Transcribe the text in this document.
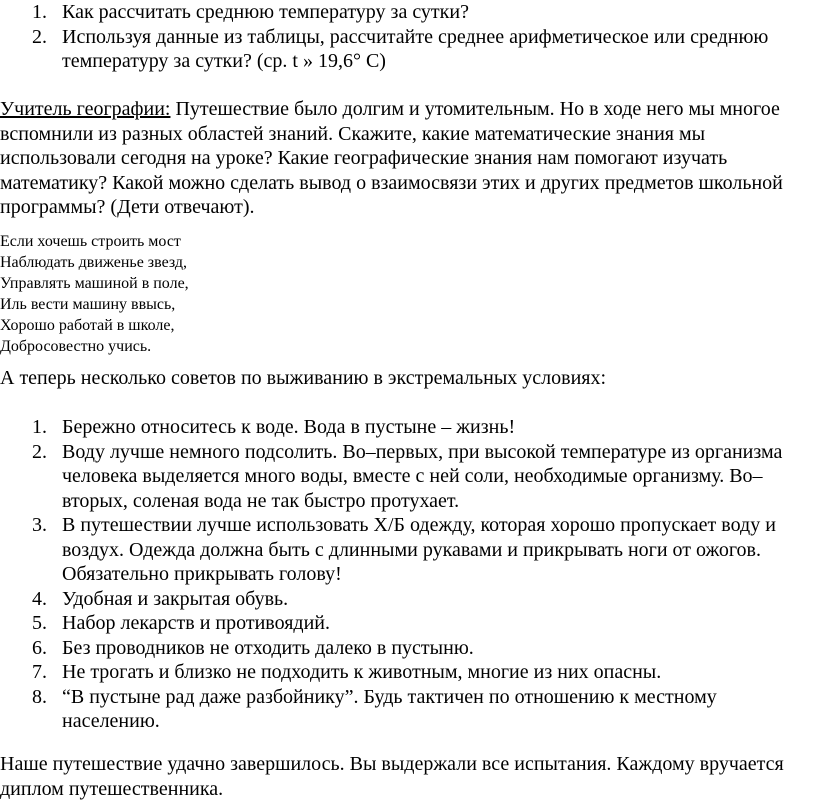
1. Как рассчитать среднюю температуру за сутки?
2. Используя данные из таблицы, рассчитайте среднее арифметическое или среднюю температуру за сутки? (ср. t » 19,6° С)

Учитель географии: Путешествие было долгим и утомительным. Но в ходе него мы многое вспомнили из разных областей знаний. Скажите, какие математические знания мы использовали сегодня на уроке? Какие географические знания нам помогают изучать математику? Какой можно сделать вывод о взаимосвязи этих и других предметов школьной программы? (Дети отвечают).

Если хочешь строить мост
Наблюдать движенье звезд,
Управлять машиной в поле,
Иль вести машину ввысь,
Хорошо работай в школе,
Добросовестно учись.

А теперь несколько советов по выживанию в экстремальных условиях:

1. Бережно относитесь к воде. Вода в пустыне – жизнь!
2. Воду лучше немного подсолить. Во–первых, при высокой температуре из организма человека выделяется много воды, вместе с ней соли, необходимые организму. Во– вторых, соленая вода не так быстро протухает.
3. В путешествии лучше использовать Х/Б одежду, которая хорошо пропускает воду и воздух. Одежда должна быть с длинными рукавами и прикрывать ноги от ожогов. Обязательно прикрывать голову!
4. Удобная и закрытая обувь.
5. Набор лекарств и противоядий.
6. Без проводников не отходить далеко в пустыню.
7. Не трогать и близко не подходить к животным, многие из них опасны.
8. “В пустыне рад даже разбойнику”. Будь тактичен по отношению к местному населению.

Наше путешествие удачно завершилось. Вы выдержали все испытания. Каждому вручается диплом путешественника.
